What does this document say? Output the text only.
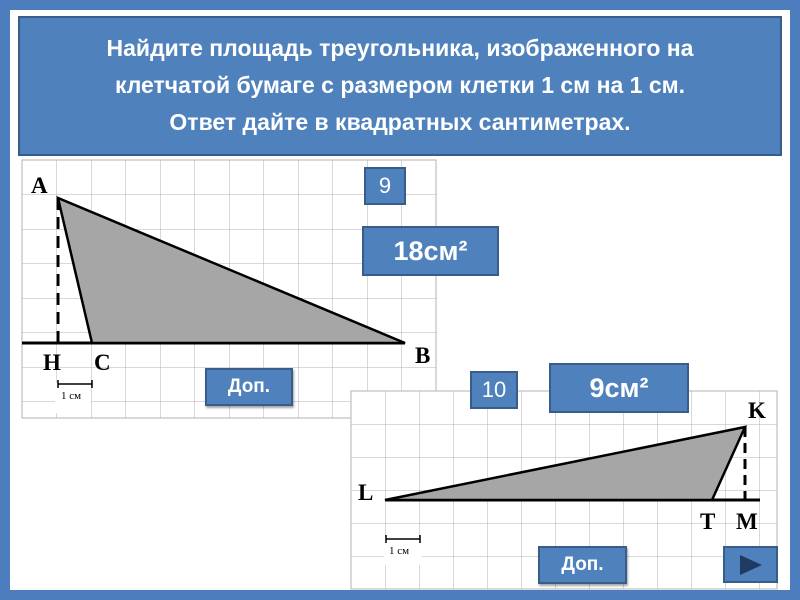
Найдите площадь треугольника, изображенного на
клетчатой бумаге с размером клетки 1 см на 1 см.
Ответ дайте в квадратных сантиметрах.
A
H C	B
K
L
T M
1 см
1 см
9
18см²
Доп.	10	9см²
Доп.
